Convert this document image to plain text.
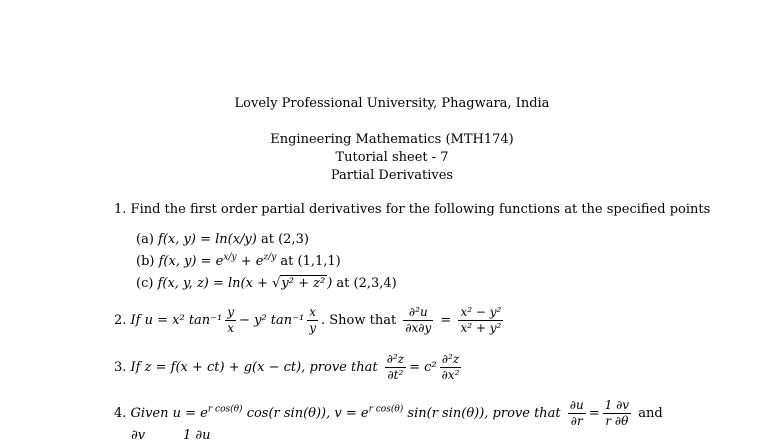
Lovely Professional University, Phagwara, India
Engineering Mathematics (MTH174)
Tutorial sheet - 7
Partial Derivatives
1. Find the first order partial derivatives for the following functions at the specified points
(a) f(x, y) = ln(x/y) at (2,3)
(b) f(x, $y) = e^{x/y} + e^{z/y}$ at (1,1,1)
(c) f(x, y, z) = ln(x + √y² + z² ) at (2,3,4)
2. If u = x² $\tan^{-1} \frac{y}{x} - y^2$ $\tan^{-1} \frac{x}{y}$ . Show that $\frac{\text{∂²u}}{\partial x\partial y} = \frac{\text{x² − y²}}{\text{x² + y²}}$
3. If z = f(x + ct) + g(x − ct), prove that $\frac{\text{∂²z}}{\text{∂t²}} = c^2 \frac{\text{∂²z}}{\text{∂x²}}$
4. Given $u = e^{r cos(\theta)}$ cos(r sin(θ)), $v = e^{r cos(\theta)}$ sin(r sin(θ)), prove that $\frac{\partial u}{\partial r} = \frac{1 \partial v}{r \partial\theta}$ and
∂v	1 ∂u
